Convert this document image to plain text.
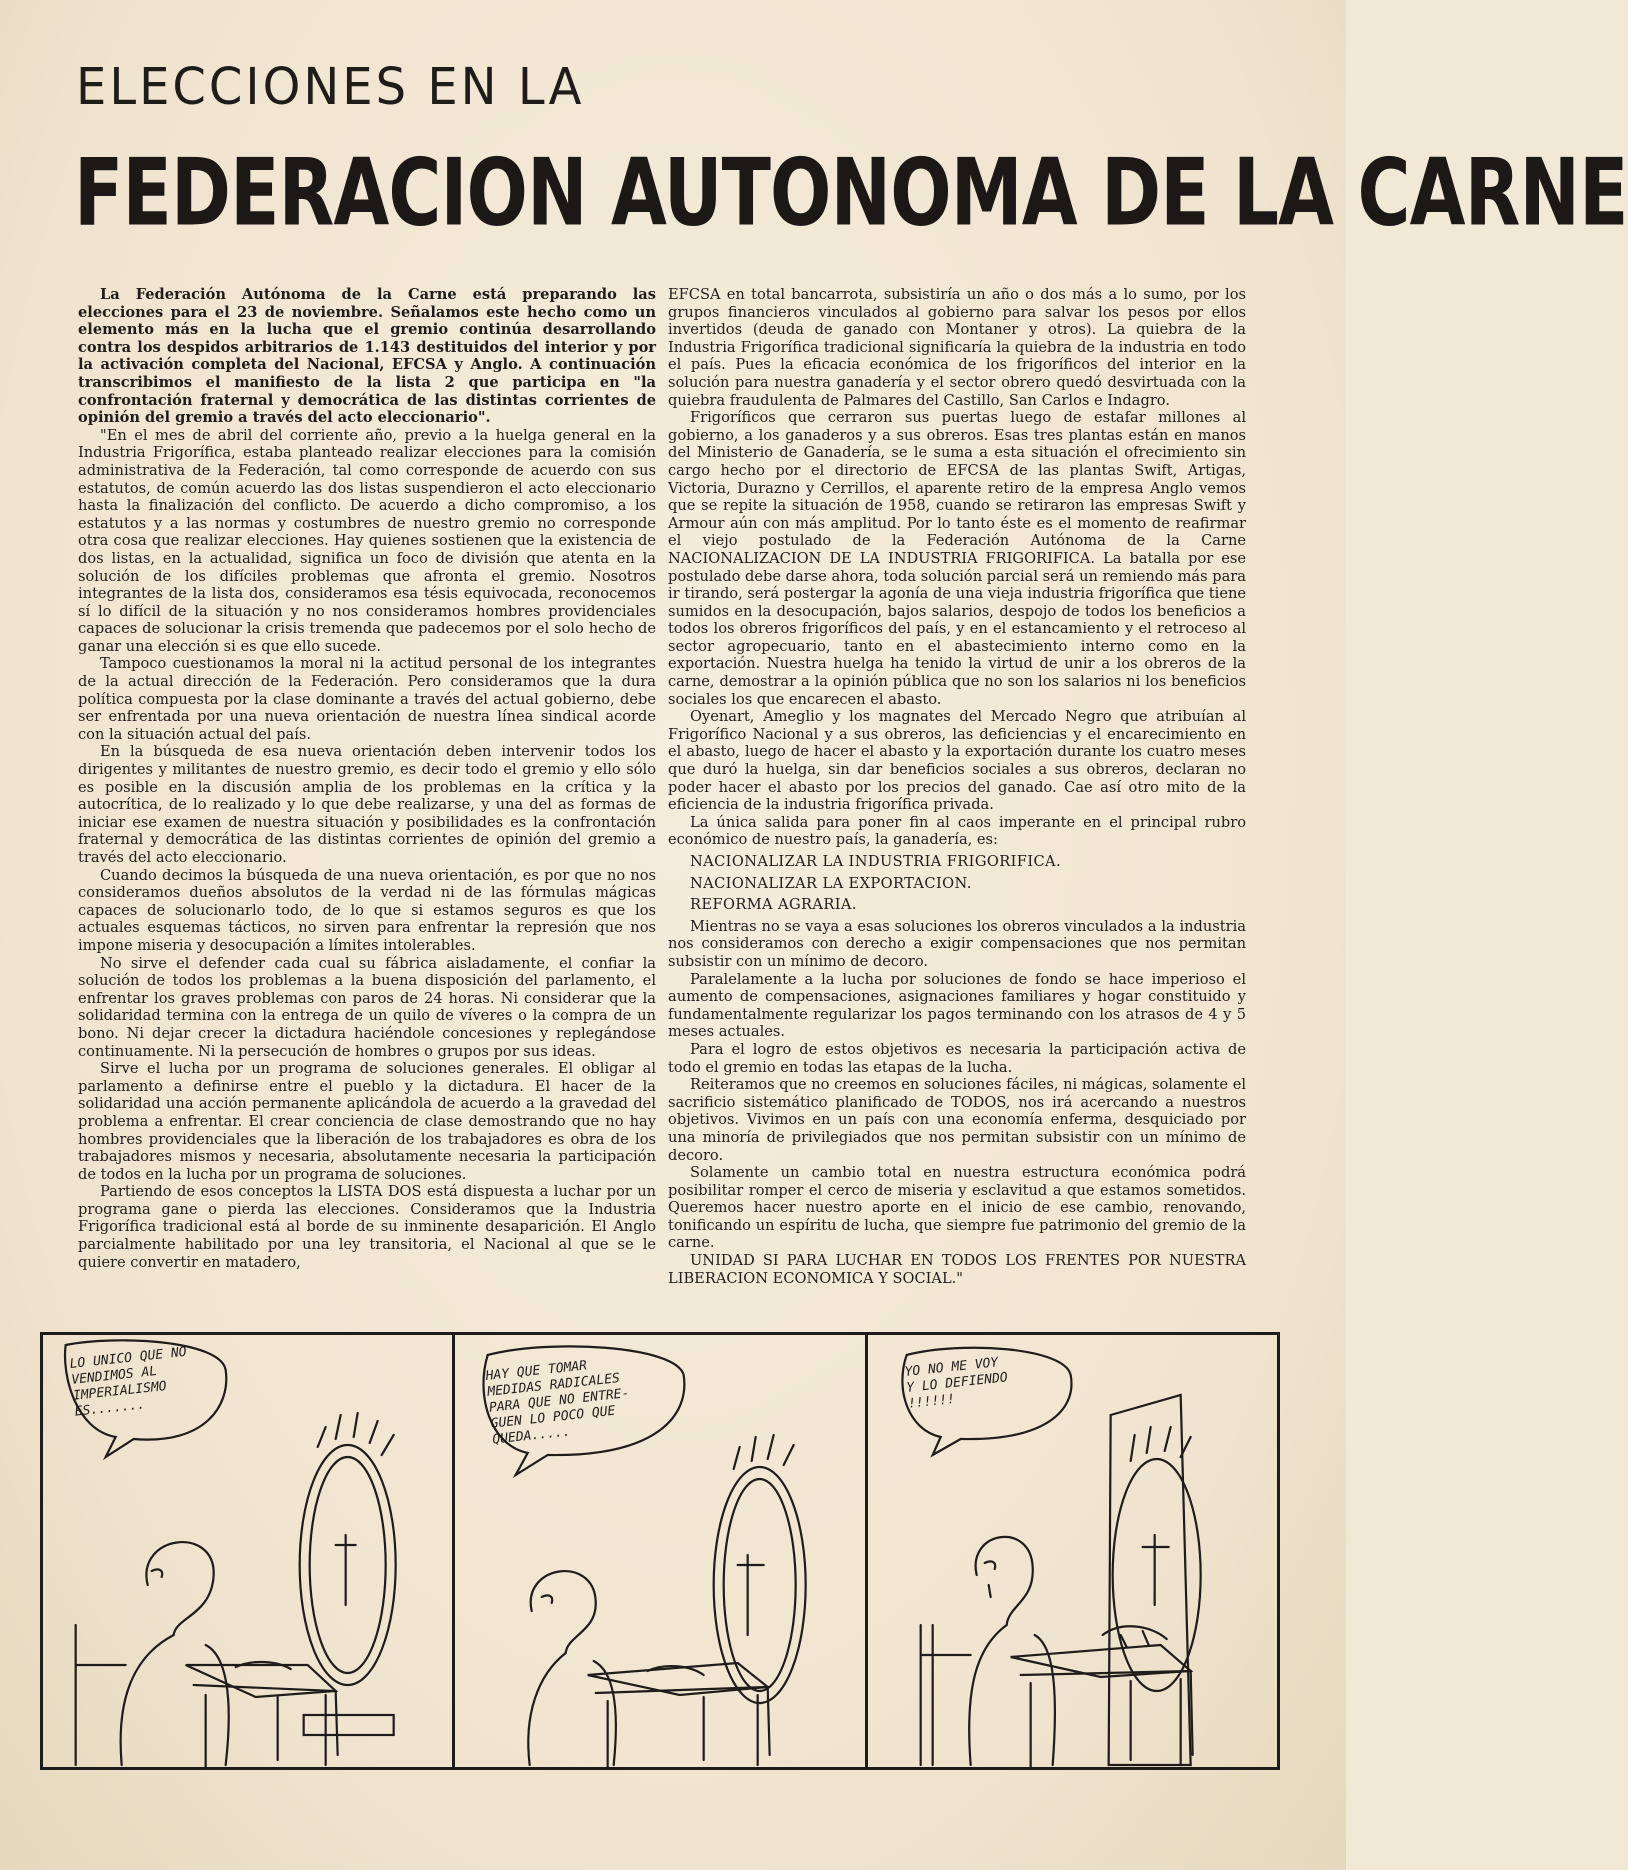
ELECCIONES EN LA
FEDERACION AUTONOMA DE LA CARNE

La Federación Autónoma de la Carne está preparando las elecciones para el 23 de noviembre. Señalamos este hecho como un elemento más en la lucha que el gremio continúa desarrollando contra los despidos arbitrarios de 1.143 destituidos del interior y por la activación completa del Nacional, EFCSA y Anglo. A continuación transcribimos el manifiesto de la lista 2 que participa en "la confrontación fraternal y democrática de las distintas corrientes de opinión del gremio a través del acto eleccionario".

"En el mes de abril del corriente año, previo a la huelga general en la Industria Frigorífica, estaba planteado realizar elecciones para la comisión administrativa de la Federación, tal como corresponde de acuerdo con sus estatutos, de común acuerdo las dos listas suspendieron el acto eleccionario hasta la finalización del conflicto. De acuerdo a dicho compromiso, a los estatutos y a las normas y costumbres de nuestro gremio no corresponde otra cosa que realizar elecciones. Hay quienes sostienen que la existencia de dos listas, en la actualidad, significa un foco de división que atenta en la solución de los difíciles problemas que afronta el gremio. Nosotros integrantes de la lista dos, consideramos esa tésis equivocada, reconocemos sí lo difícil de la situación y no nos consideramos hombres providenciales capaces de solucionar la crisis tremenda que padecemos por el solo hecho de ganar una elección si es que ello sucede.

Tampoco cuestionamos la moral ni la actitud personal de los integrantes de la actual dirección de la Federación. Pero consideramos que la dura política compuesta por la clase dominante a través del actual gobierno, debe ser enfrentada por una nueva orientación de nuestra línea sindical acorde con la situación actual del país.

En la búsqueda de esa nueva orientación deben intervenir todos los dirigentes y militantes de nuestro gremio, es decir todo el gremio y ello sólo es posible en la discusión amplia de los problemas en la crítica y la autocrítica, de lo realizado y lo que debe realizarse, y una del as formas de iniciar ese examen de nuestra situación y posibilidades es la confrontación fraternal y democrática de las distintas corrientes de opinión del gremio a través del acto eleccionario.

Cuando decimos la búsqueda de una nueva orientación, es por que no nos consideramos dueños absolutos de la verdad ni de las fórmulas mágicas capaces de solucionarlo todo, de lo que si estamos seguros es que los actuales esquemas tácticos, no sirven para enfrentar la represión que nos impone miseria y desocupación a límites intolerables.

No sirve el defender cada cual su fábrica aisladamente, el confiar la solución de todos los problemas a la buena disposición del parlamento, el enfrentar los graves problemas con paros de 24 horas. Ni considerar que la solidaridad termina con la entrega de un quilo de víveres o la compra de un bono. Ni dejar crecer la dictadura haciéndole concesiones y replegándose continuamente. Ni la persecución de hombres o grupos por sus ideas.

Sirve el lucha por un programa de soluciones generales. El obligar al parlamento a definirse entre el pueblo y la dictadura. El hacer de la solidaridad una acción permanente aplicándola de acuerdo a la gravedad del problema a enfrentar. El crear conciencia de clase demostrando que no hay hombres providenciales que la liberación de los trabajadores es obra de los trabajadores mismos y necesaria, absolutamente necesaria la participación de todos en la lucha por un programa de soluciones.

Partiendo de esos conceptos la LISTA DOS está dispuesta a luchar por un programa gane o pierda las elecciones. Consideramos que la Industria Frigorífica tradicional está al borde de su inminente desaparición. El Anglo parcialmente habilitado por una ley transitoria, el Nacional al que se le quiere convertir en matadero,

EFCSA en total bancarrota, subsistiría un año o dos más a lo sumo, por los grupos financieros vinculados al gobierno para salvar los pesos por ellos invertidos (deuda de ganado con Montaner y otros). La quiebra de la Industria Frigorífica tradicional significaría la quiebra de la industria en todo el país. Pues la eficacia económica de los frigoríficos del interior en la solución para nuestra ganadería y el sector obrero quedó desvirtuada con la quiebra fraudulenta de Palmares del Castillo, San Carlos e Indagro.

Frigoríficos que cerraron sus puertas luego de estafar millones al gobierno, a los ganaderos y a sus obreros. Esas tres plantas están en manos del Ministerio de Ganadería, se le suma a esta situación el ofrecimiento sin cargo hecho por el directorio de EFCSA de las plantas Swift, Artigas, Victoria, Durazno y Cerrillos, el aparente retiro de la empresa Anglo vemos que se repite la situación de 1958, cuando se retiraron las empresas Swift y Armour aún con más amplitud. Por lo tanto éste es el momento de reafirmar el viejo postulado de la Federación Autónoma de la Carne NACIONALIZACION DE LA INDUSTRIA FRIGORIFICA. La batalla por ese postulado debe darse ahora, toda solución parcial será un remiendo más para ir tirando, será postergar la agonía de una vieja industria frigorífica que tiene sumidos en la desocupación, bajos salarios, despojo de todos los beneficios a todos los obreros frigoríficos del país, y en el estancamiento y el retroceso al sector agropecuario, tanto en el abastecimiento interno como en la exportación. Nuestra huelga ha tenido la virtud de unir a los obreros de la carne, demostrar a la opinión pública que no son los salarios ni los beneficios sociales los que encarecen el abasto.

Oyenart, Ameglio y los magnates del Mercado Negro que atribuían al Frigorífico Nacional y a sus obreros, las deficiencias y el encarecimiento en el abasto, luego de hacer el abasto y la exportación durante los cuatro meses que duró la huelga, sin dar beneficios sociales a sus obreros, declaran no poder hacer el abasto por los precios del ganado. Cae así otro mito de la eficiencia de la industria frigorífica privada.

La única salida para poner fin al caos imperante en el principal rubro económico de nuestro país, la ganadería, es:

NACIONALIZAR LA INDUSTRIA FRIGORIFICA.

NACIONALIZAR LA EXPORTACION.

REFORMA AGRARIA.

Mientras no se vaya a esas soluciones los obreros vinculados a la industria nos consideramos con derecho a exigir compensaciones que nos permitan subsistir con un mínimo de decoro.

Paralelamente a la lucha por soluciones de fondo se hace imperioso el aumento de compensaciones, asignaciones familiares y hogar constituido y fundamentalmente regularizar los pagos terminando con los atrasos de 4 y 5 meses actuales.

Para el logro de estos objetivos es necesaria la participación activa de todo el gremio en todas las etapas de la lucha.

Reiteramos que no creemos en soluciones fáciles, ni mágicas, solamente el sacrificio sistemático planificado de TODOS, nos irá acercando a nuestros objetivos. Vivimos en un país con una economía enferma, desquiciado por una minoría de privilegiados que nos permitan subsistir con un mínimo de decoro.

Solamente un cambio total en nuestra estructura económica podrá posibilitar romper el cerco de miseria y esclavitud a que estamos sometidos. Queremos hacer nuestro aporte en el inicio de ese cambio, renovando, tonificando un espíritu de lucha, que siempre fue patrimonio del gremio de la carne.

UNIDAD SI PARA LUCHAR EN TODOS LOS FRENTES POR NUESTRA LIBERACION ECONOMICA Y SOCIAL."

LO UNICO QUE NO
VENDIMOS AL
IMPERIALISMO
ES.......
HAY QUE TOMAR
MEDIDAS RADICALES
PARA QUE NO ENTRE-
GUEN LO POCO QUE
QUEDA.....
YO NO ME VOY
Y LO DEFIENDO
!!!!!!
